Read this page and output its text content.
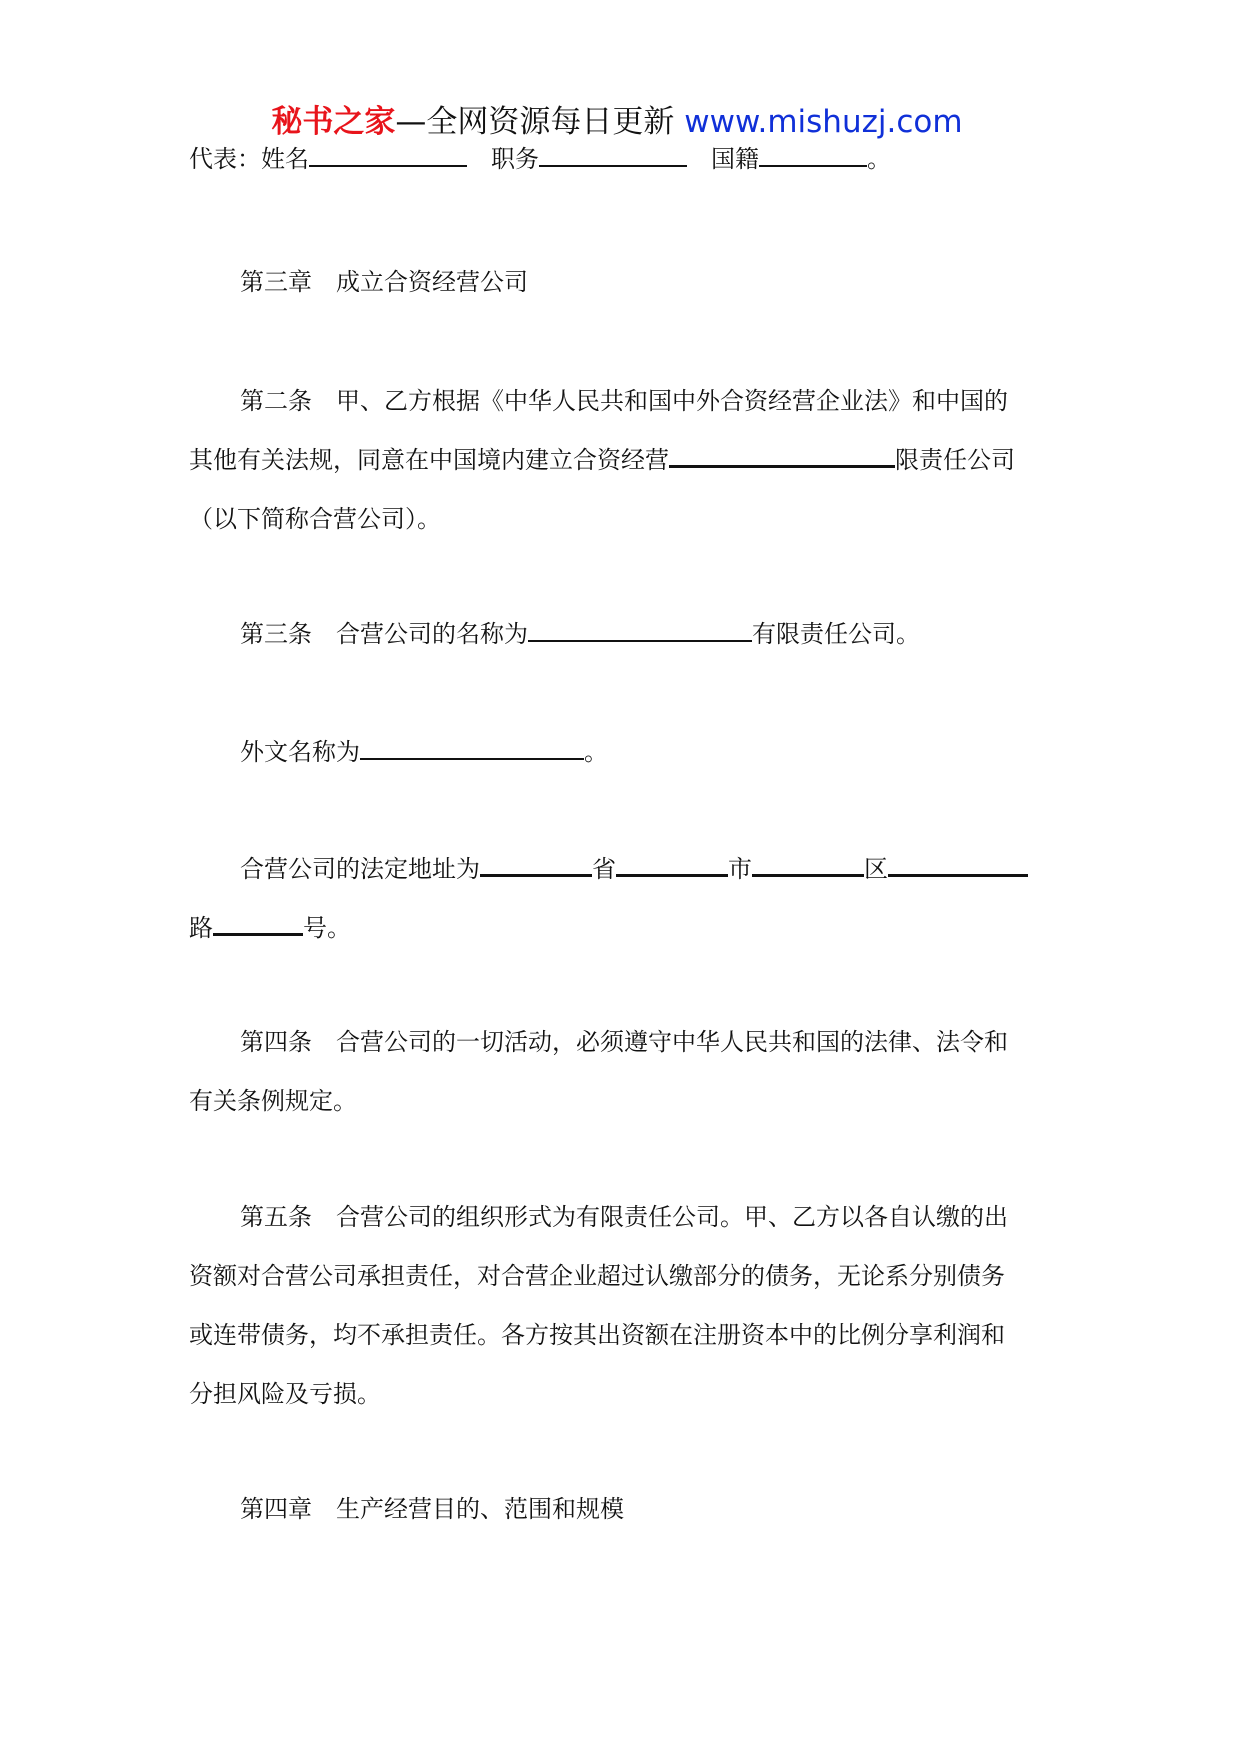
秘书之家—全网资源每日更新 www.mishuzj.com
代表：姓名	职务	国籍	。
第三章　成立合资经营公司
第二条　甲、乙方根据《中华人民共和国中外合资经营企业法》和中国的
其他有关法规，同意在中国境内建立合资经营	限责任公司
（以下简称合营公司）。
第三条　合营公司的名称为	有限责任公司。
外文名称为	。
合营公司的法定地址为	省	市	区
路	号。
第四条　合营公司的一切活动，必须遵守中华人民共和国的法律、法令和
有关条例规定。
第五条　合营公司的组织形式为有限责任公司。甲、乙方以各自认缴的出
资额对合营公司承担责任，对合营企业超过认缴部分的债务，无论系分别债务
或连带债务，均不承担责任。各方按其出资额在注册资本中的比例分享利润和
分担风险及亏损。
第四章　生产经营目的、范围和规模
